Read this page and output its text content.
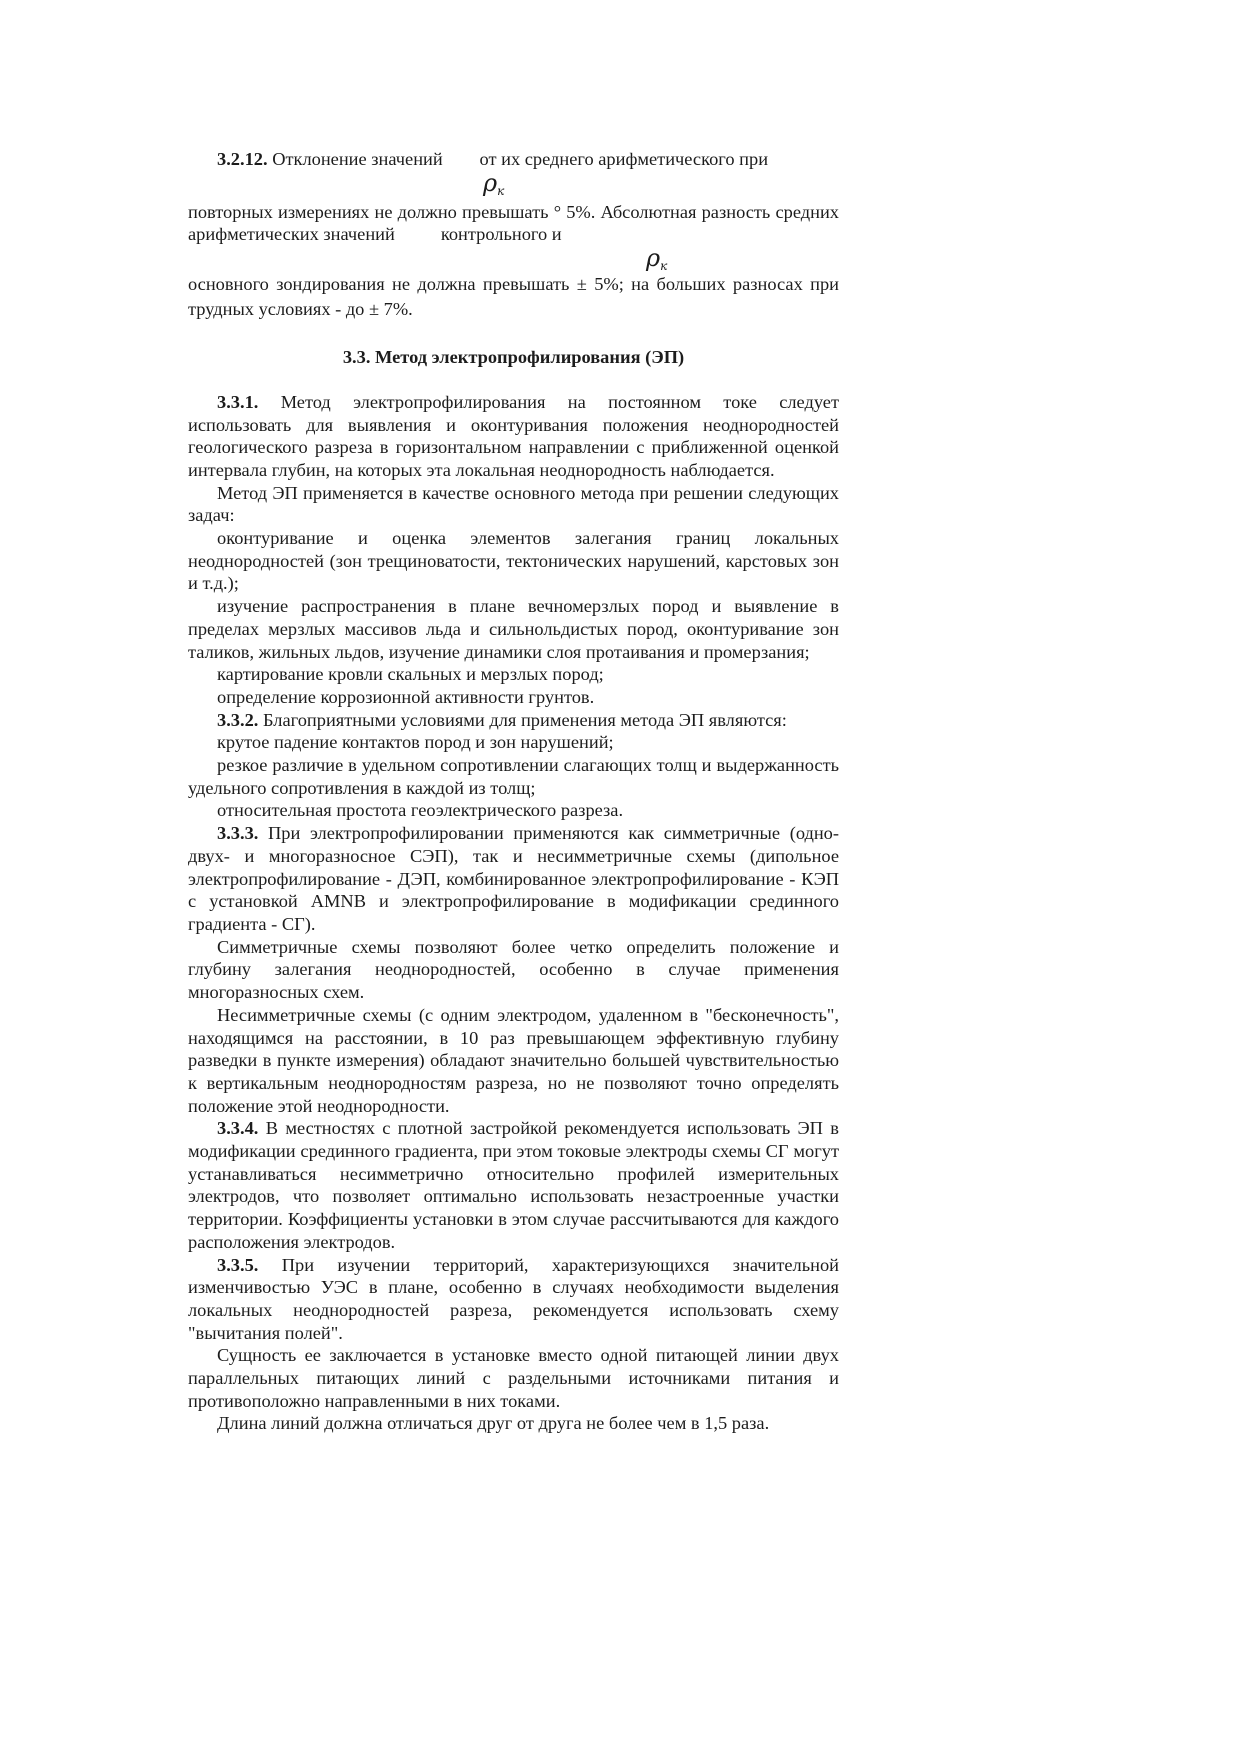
3.2.12. Отклонение значений        от их среднего арифметического при

$\rho_к$

повторных измерениях не должно превышать ° 5%. Абсолютная разность средних арифметических значений          контрольного и

$\rho_к$

основного зондирования не должна превышать ± 5%; на больших разносах при трудных условиях - до ± 7%.

3.3. Метод электропрофилирования (ЭП)

3.3.1. Метод электропрофилирования на постоянном токе следует использовать для выявления и оконтуривания положения неоднородностей геологического разреза в горизонтальном направлении с приближенной оценкой интервала глубин, на которых эта локальная неоднородность наблюдается.

Метод ЭП применяется в качестве основного метода при решении следующих задач:

оконтуривание и оценка элементов залегания границ локальных неоднородностей (зон трещиноватости, тектонических нарушений, карстовых зон и т.д.);

изучение распространения в плане вечномерзлых пород и выявление в пределах мерзлых массивов льда и сильнольдистых пород, оконтуривание зон таликов, жильных льдов, изучение динамики слоя протаивания и промерзания;

картирование кровли скальных и мерзлых пород;

определение коррозионной активности грунтов.

3.3.2. Благоприятными условиями для применения метода ЭП являются:

крутое падение контактов пород и зон нарушений;

резкое различие в удельном сопротивлении слагающих толщ и выдержанность удельного сопротивления в каждой из толщ;

относительная простота геоэлектрического разреза.

3.3.3. При электропрофилировании применяются как симметричные (одно- двух- и многоразносное СЭП), так и несимметричные схемы (дипольное электропрофилирование - ДЭП, комбинированное электропрофилирование - КЭП с установкой AMNB и электропрофилирование в модификации срединного градиента - СГ).

Симметричные схемы позволяют более четко определить положение и глубину залегания неоднородностей, особенно в случае применения многоразносных схем.

Несимметричные схемы (с одним электродом, удаленном в "бесконечность", находящимся на расстоянии, в 10 раз превышающем эффективную глубину разведки в пункте измерения) обладают значительно большей чувствительностью к вертикальным неоднородностям разреза, но не позволяют точно определять положение этой неоднородности.

3.3.4. В местностях с плотной застройкой рекомендуется использовать ЭП в модификации срединного градиента, при этом токовые электроды схемы СГ могут устанавливаться несимметрично относительно профилей измерительных электродов, что позволяет оптимально использовать незастроенные участки территории. Коэффициенты установки в этом случае рассчитываются для каждого расположения электродов.

3.3.5. При изучении территорий, характеризующихся значительной изменчивостью УЭС в плане, особенно в случаях необходимости выделения локальных неоднородностей разреза, рекомендуется использовать схему "вычитания полей".

Сущность ее заключается в установке вместо одной питающей линии двух параллельных питающих линий с раздельными источниками питания и противоположно направленными в них токами.

Длина линий должна отличаться друг от друга не более чем в 1,5 раза.
